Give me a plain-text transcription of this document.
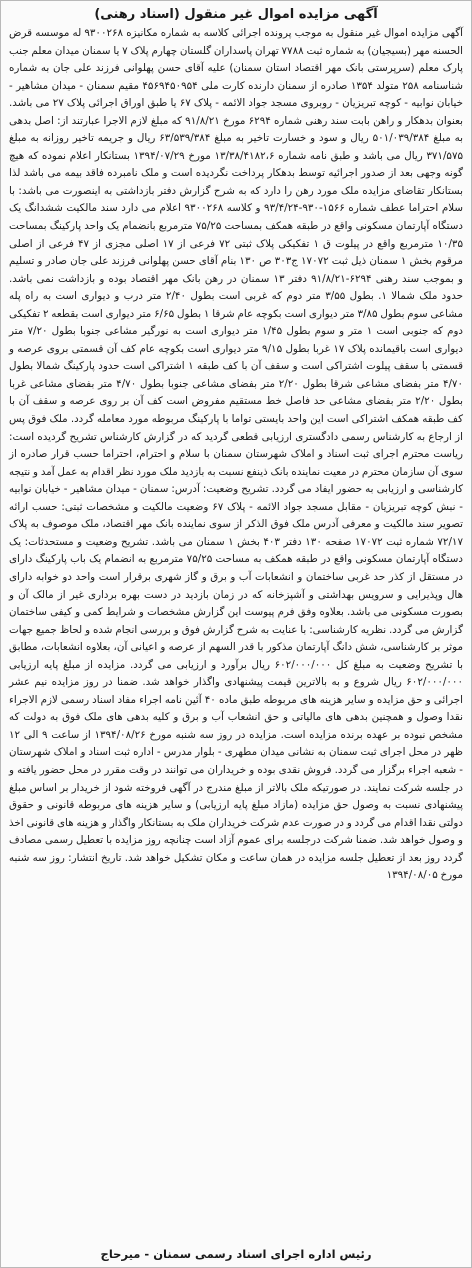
آگهی مزایده اموال غیر منقول (اسناد رهنی)

آگهی مزایده اموال غیر منقول به موجب پرونده اجرائی کلاسه به شماره مکانیزه ۹۳۰۰۲۶۸ له موسسه قرض الحسنه مهر (بسیجیان) به شماره ثبت ۷۷۸۸ تهران پاسداران گلستان چهارم پلاک ۷ یا سمنان میدان معلم جنب پارک معلم (سرپرستی بانک مهر اقتصاد استان سمنان) علیه آقای حسن پهلوانی فرزند علی جان به شماره شناسنامه ۲۵۸ متولد ۱۳۵۴ صادره از سمنان دارنده کارت ملی ۴۵۶۹۴۵۰۹۵۴ مقیم سمنان - میدان مشاهیر - خیابان نوابیه - کوچه تبریزیان - روبروی مسجد جواد الائمه - پلاک ۶۷ یا طبق اوراق اجرائی پلاک ۲۷ می باشد. بعنوان بدهکار و راهن بابت سند رهنی شماره ۶۲۹۴ مورخ ۹۱/۸/۲۱ که مبلغ لازم الاجرا عبارتند از: اصل بدهی به مبلغ ۵۰۱/۰۳۹/۳۸۴ ریال و سود و خسارت تاخیر به مبلغ ۶۳/۵۳۹/۳۸۴ ریال و جریمه تاخیر روزانه به مبلغ ۳۷۱/۵۷۵ ریال می باشد و طبق نامه شماره ۱۳/۳۸/۴۱۸۲،۶ مورخ ۱۳۹۴/۰۷/۲۹ بستانکار اعلام نموده که هیچ گونه وجهی بعد از صدور اجرائیه توسط بدهکار پرداخت نگردیده است و ملک نامبرده فاقد بیمه می باشد لذا بستانکار تقاضای مزایده ملک مورد رهن را دارد که به شرح گزارش دفتر بازداشتی به اینصورت می باشد: با سلام احتراما عطف شماره ۱۵۶۶-۹۳۰-۹۳/۴/۲۴ و کلاسه ۹۳۰۰۲۶۸ اعلام می دارد سند مالکیت ششدانگ یک دستگاه آپارتمان مسکونی واقع در طبقه همکف بمساحت ۷۵/۲۵ مترمربع بانضمام یک واحد پارکینگ بمساحت ۱۰/۳۵ مترمربع واقع در پیلوت ق ۱ تفکیکی پلاک ثبتی ۷۲ فرعی از ۱۷ اصلی مجزی از ۴۷ فرعی از اصلی مرقوم بخش ۱ سمنان ذیل ثبت ۱۷۰۷۲ ج۳۰۳ ص ۱۳۰ بنام آقای حسن پهلوانی فرزند علی جان صادر و تسلیم و بموجب سند رهنی ۶۲۹۴-۹۱/۸/۲۱ دفتر ۱۳ سمنان در رهن بانک مهر اقتصاد بوده و بازداشت نمی باشد. حدود ملک شمالا ۱. بطول ۳/۵۵ متر دوم که غربی است بطول ۲/۴۰ متر درب و دیواری است به راه پله مشاعی سوم بطول ۳/۸۵ متر دیواری است بکوچه عام شرقا ۱ بطول ۶/۶۵ متر دیواری است بقطعه ۲ تفکیکی دوم که جنوبی است ۱ متر و سوم بطول ۱/۴۵ متر دیواری است به نورگیر مشاعی جنوبا بطول ۷/۲۰ متر دیواری است باقیمانده پلاک ۱۷ غربا بطول ۹/۱۵ متر دیواری است بکوچه عام کف آن قسمتی بروی عرصه و قسمتی با سقف پیلوت اشتراکی است و سقف آن با کف طبقه ۱ اشتراکی است حدود پارکینگ شمالا بطول ۴/۷۰ متر بفضای مشاعی شرقا بطول ۲/۲۰ متر بفضای مشاعی جنوبا بطول ۴/۷۰ متر بفضای مشاعی غربا بطول ۲/۲۰ متر بفضای مشاعی حد فاصل خط مستقیم مفروض است کف آن بر روی عرصه و سقف آن با کف طبقه همکف اشتراکی است این واحد بایستی تواما با پارکینگ مربوطه مورد معامله گردد. ملک فوق پس از ارجاع به کارشناس رسمی دادگستری ارزیابی قطعی گردید که در گزارش کارشناس تشریح گردیده است: ریاست محترم اجرای ثبت اسناد و املاک شهرستان سمنان با سلام و احترام، احتراما حسب قرار صادره از سوی آن سازمان محترم در معیت نماینده بانک ذینفع نسبت به بازدید ملک مورد نظر اقدام به عمل آمد و نتیجه کارشناسی و ارزیابی به حضور ایفاد می گردد. تشریح وضعیت: آدرس: سمنان - میدان مشاهیر - خیابان نوابیه - نبش کوچه تبریزیان - مقابل مسجد جواد الائمه - پلاک ۶۷ وضعیت مالکیت و مشخصات ثبتی: حسب ارائه تصویر سند مالکیت و معرفی آدرس ملک فوق الذکر از سوی نماینده بانک مهر اقتصاد، ملک موصوف به پلاک ۷۲/۱۷ شماره ثبت ۱۷۰۷۲ صفحه ۱۳۰ دفتر ۴۰۳ بخش ۱ سمنان می باشد. تشریح وضعیت و مستحدثات: یک دستگاه آپارتمان مسکونی واقع در طبقه همکف به مساحت ۷۵/۲۵ مترمربع به انضمام یک باب پارکینگ دارای در مستقل از کذر حد غربی ساختمان و انشعابات آب و برق و گاز شهری برقرار است واحد دو خوابه دارای هال وپذیرایی و سرویس بهداشتی و آشپزخانه که در زمان بازدید در دست بهره برداری غیر از مالک آن و بصورت مسکونی می باشد. بعلاوه وفق فرم پیوست این گزارش مشخصات و شرایط کمی و کیفی ساختمان گزارش می گردد. نظریه کارشناسی: با عنایت به شرح گزارش فوق و بررسی انجام شده و لحاظ جمیع جهات موثر بر کارشناسی، شش دانگ آپارتمان مذکور با قدر السهم از عرصه و اعیانی آن، بعلاوه انشعابات، مطابق با تشریح وضعیت به مبلغ کل ۶۰۲/۰۰۰/۰۰۰ ریال برآورد و ارزیابی می گردد. مزایده از مبلغ پایه ارزیابی ۶۰۲/۰۰۰/۰۰۰ ریال شروع و به بالاترین قیمت پیشنهادی واگذار خواهد شد. ضمنا در روز مزایده نیم عشر اجرائی و حق مزایده و سایر هزینه های مربوطه طبق ماده ۴۰ آئین نامه اجراء مفاد اسناد رسمی لازم الاجراء نقدا وصول و همچنین بدهی های مالیاتی و حق انشعاب آب و برق و کلیه بدهی های ملک فوق به دولت که مشخص نبوده بر عهده برنده مزایده است. مزایده در روز سه شنبه مورخ ۱۳۹۴/۰۸/۲۶ از ساعت ۹ الی ۱۲ ظهر در محل اجرای ثبت سمنان به نشانی میدان مطهری - بلوار مدرس - اداره ثبت اسناد و املاک شهرستان - شعبه اجراء برگزار می گردد. فروش نقدی بوده و خریداران می توانند در وقت مقرر در محل حضور یافته و در جلسه شرکت نمایند. در صورتیکه ملک بالاتر از مبلغ مندرج در آگهی فروخته شود از خریدار بر اساس مبلغ پیشنهادی نسبت به وصول حق مزایده (مازاد مبلغ پایه ارزیابی) و سایر هزینه های مربوطه قانونی و حقوق دولتی نقدا اقدام می گردد و در صورت عدم شرکت خریداران ملک به بستانکار واگذار و هزینه های قانونی اخذ و وصول خواهد شد. ضمنا شرکت درجلسه برای عموم آزاد است چنانچه روز مزایده با تعطیل رسمی مصادف گردد روز بعد از تعطیل جلسه مزایده در همان ساعت و مکان تشکیل خواهد شد. تاریخ انتشار: روز سه شنبه مورخ ۱۳۹۴/۰۸/۰۵

رئیس اداره اجرای اسناد رسمی سمنان - میرحاج
